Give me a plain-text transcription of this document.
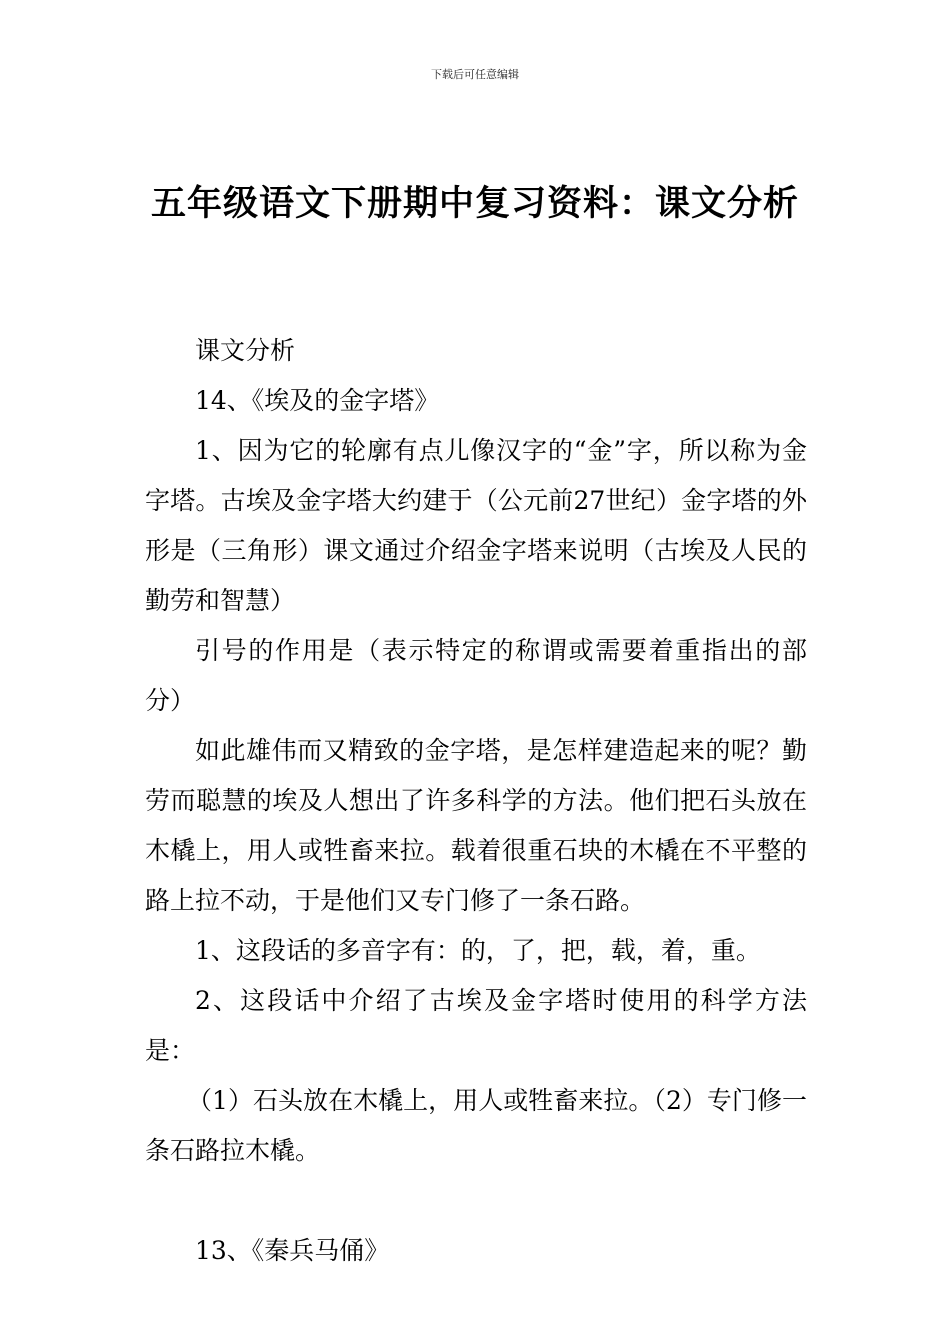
下载后可任意编辑
五年级语文下册期中复习资料：课文分析

课文分析

14、《埃及的金字塔》

1、因为它的轮廓有点儿像汉字的“金”字，所以称为金字塔。古埃及金字塔大约建于（公元前27世纪）金字塔的外形是（三角形）课文通过介绍金字塔来说明（古埃及人民的勤劳和智慧）

引号的作用是（表示特定的称谓或需要着重指出的部分）

如此雄伟而又精致的金字塔，是怎样建造起来的呢？勤劳而聪慧的埃及人想出了许多科学的方法。他们把石头放在木橇上，用人或牲畜来拉。载着很重石块的木橇在不平整的路上拉不动，于是他们又专门修了一条石路。

1、这段话的多音字有：的，了，把，载，着，重。

2、这段话中介绍了古埃及金字塔时使用的科学方法是：

（1）石头放在木橇上，用人或牲畜来拉。（2）专门修一条石路拉木橇。

13、《秦兵马俑》
